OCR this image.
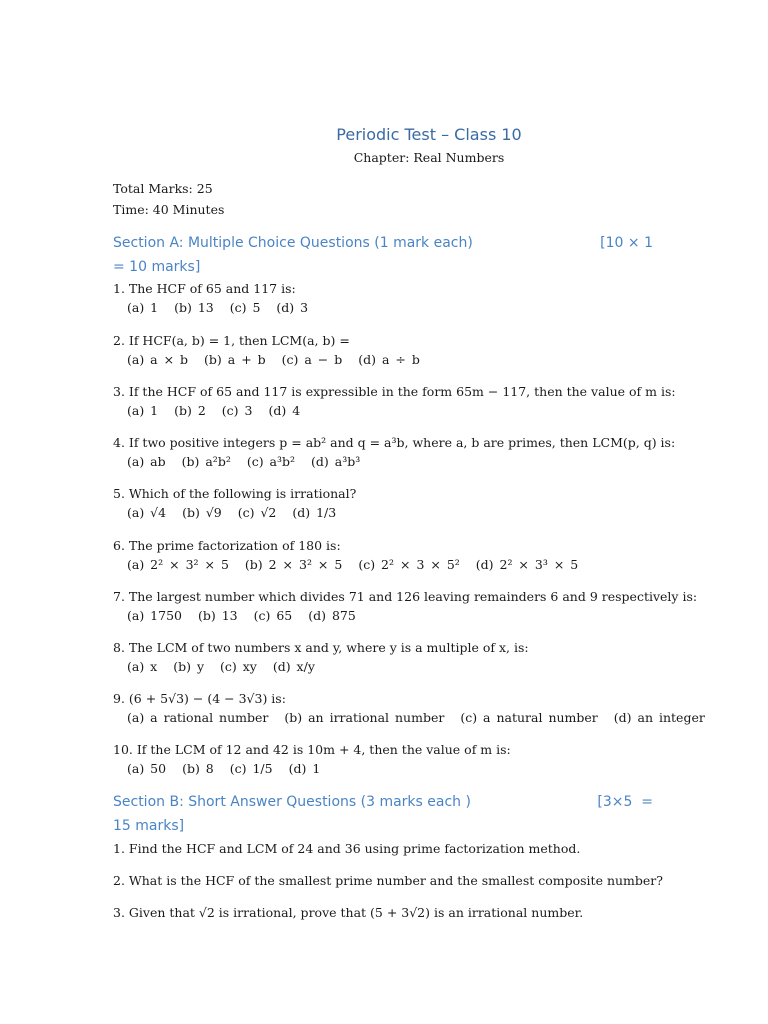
Periodic Test – Class 10
Chapter: Real Numbers
Total Marks: 25
Time: 40 Minutes
Section A: Multiple Choice Questions (1 mark each)	[10 × 1
= 10 marks]
1. The HCF of 65 and 117 is:
(a) 1 (b) 13 (c) 5 (d) 3
2. If HCF(a, b) = 1, then LCM(a, b) =
(a) a × b (b) a + b (c) a − b (d) a ÷ b
3. If the HCF of 65 and 117 is expressible in the form 65m − 117, then the value of m is:
(a) 1 (b) 2 (c) 3 (d) 4
4. If two positive integers p = ab² and q = a³b, where a, b are primes, then LCM(p, q) is:
(a) ab (b) a²b² (c) a³b² (d) a³b³
5. Which of the following is irrational?
(a) √4 (b) √9 (c) √2 (d) 1/3
6. The prime factorization of 180 is:
(a) 2² × 3² × 5 (b) 2 × 3² × 5 (c) 2² × 3 × 5² (d) 2² × 3³ × 5
7. The largest number which divides 71 and 126 leaving remainders 6 and 9 respectively is:
(a) 1750 (b) 13 (c) 65 (d) 875
8. The LCM of two numbers x and y, where y is a multiple of x, is:
(a) x (b) y (c) xy (d) x/y
9. (6 + 5√3) − (4 − 3√3) is:
(a) a rational number (b) an irrational number (c) a natural number (d) an integer
10. If the LCM of 12 and 42 is 10m + 4, then the value of m is:
(a) 50 (b) 8 (c) 1/5 (d) 1
Section B: Short Answer Questions (3 marks each )	[3×5  =
15 marks]
1. Find the HCF and LCM of 24 and 36 using prime factorization method.
2. What is the HCF of the smallest prime number and the smallest composite number?
3. Given that √2 is irrational, prove that (5 + 3√2) is an irrational number.
